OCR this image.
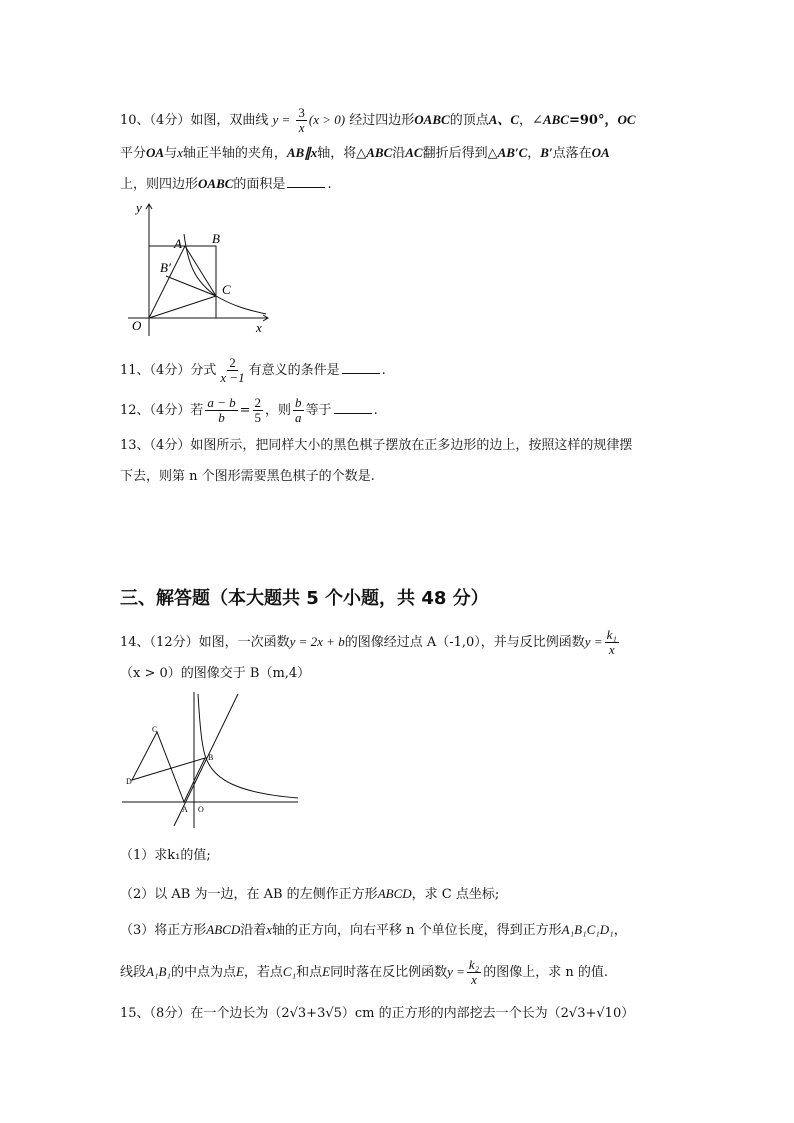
10、（4分）如图，双曲线 $y = \frac{3}{x} (x > 0)$ 经过四边形OABC的顶点A、C，∠ABC=90°，OC
平分OA与x轴正半轴的夹角，AB∥x轴，将△ABC沿AC翻折后得到△AB′C，B′点落在OA
上，则四边形OABC的面积是	.
y
x
O
A B
C
B′
11、（4分）分式 $\frac{2}{x -1}$ 有意义的条件是	.
12、（4分）若 $\frac{a - b}{b} = \frac{2}{5}$ ，则 $\frac{b}{a}$ 等于	.
13、（4分）如图所示，把同样大小的黑色棋子摆放在正多边形的边上，按照这样的规律摆
下去，则第 n 个图形需要黑色棋子的个数是.
三、解答题（本大题共 5 个小题，共 48 分）
14、（12分）如图，一次函数y = 2x + b的图像经过点 A（-1,0），并与反比例函数$y = \frac{\text{k₁}}{x}$
（x > 0）的图像交于 B（m,4）
C
D
A
B
O
（1）求k₁的值;
（2）以 AB 为一边，在 AB 的左侧作正方形ABCD，求 C 点坐标;
（3）将正方形ABCD沿着x轴的正方向，向右平移 n 个单位长度，得到正方形A₁B₁C₁D₁，
线段A₁B₁的中点为点E，若点C₁和点E同时落在反比例函数$y = \frac{\text{k₂}}{x}$ 的图像上，求 n 的值.
15、（8分）在一个边长为（2√3+3√5）cm 的正方形的内部挖去一个长为（2√3+√10）
